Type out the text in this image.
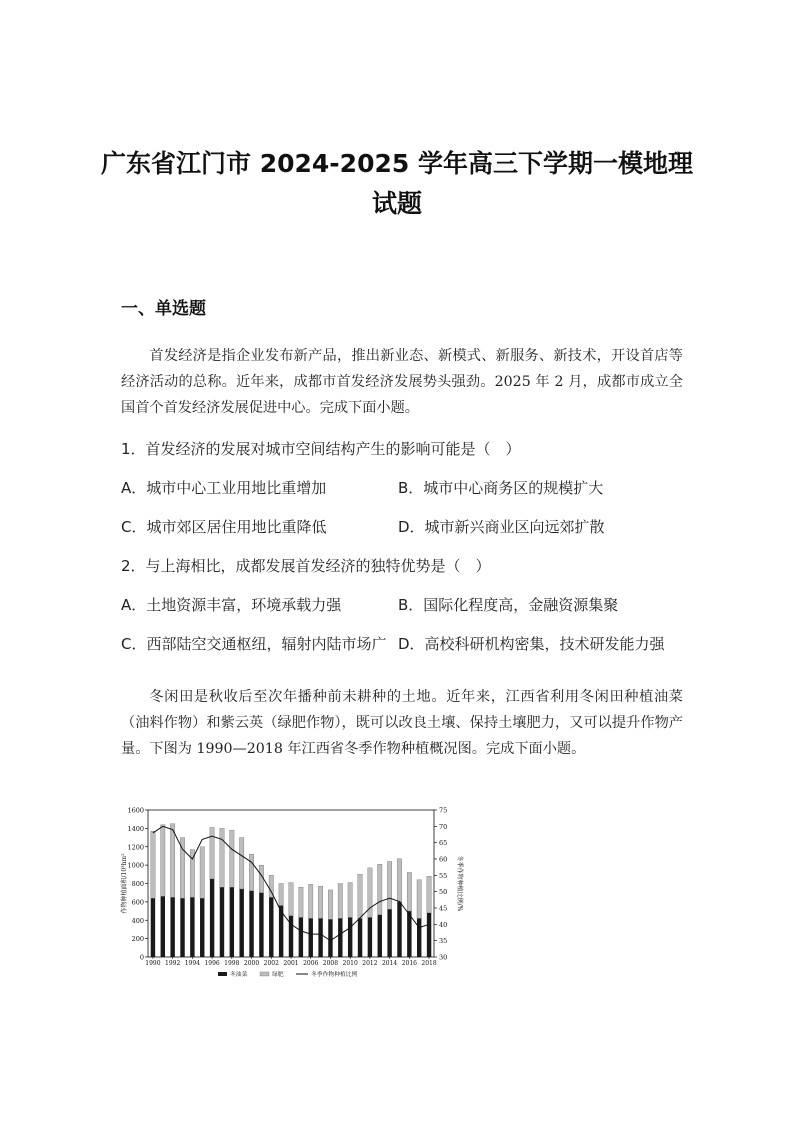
广东省江门市 2024-2025 学年高三下学期一模地理
试题
一、单选题
首发经济是指企业发布新产品，推出新业态、新模式、新服务、新技术，开设首店等经济活动的总称。近年来，成都市首发经济发展势头强劲。2025 年 2 月，成都市成立全国首个首发经济发展促进中心。完成下面小题。
1．首发经济的发展对城市空间结构产生的影响可能是（　）
A．城市中心工业用地比重增加	B．城市中心商务区的规模扩大
C．城市郊区居住用地比重降低	D．城市新兴商业区向远郊扩散
2．与上海相比，成都发展首发经济的独特优势是（　）
A．土地资源丰富，环境承载力强	B．国际化程度高，金融资源集聚
C．西部陆空交通枢纽，辐射内陆市场广 D．高校科研机构密集，技术研发能力强
冬闲田是秋收后至次年播种前未耕种的土地。近年来，江西省利用冬闲田种植油菜（油料作物）和紫云英（绿肥作物），既可以改良土壤、保持土壤肥力，又可以提升作物产量。下图为 1990—2018 年江西省冬季作物种植概况图。完成下面小题。
0
200
400
600
800
1000
1200
1400
1600
30
35
40
45
50
55
60
65
70
75
作物种植面积/10³hm²	冬季作物种植比例/%
1990 1992 1994 1996 1998 2000 2002 2001 2006 2008 2010 2012 2014 2016 2018
冬油菜	绿肥	冬季作物种植比例
